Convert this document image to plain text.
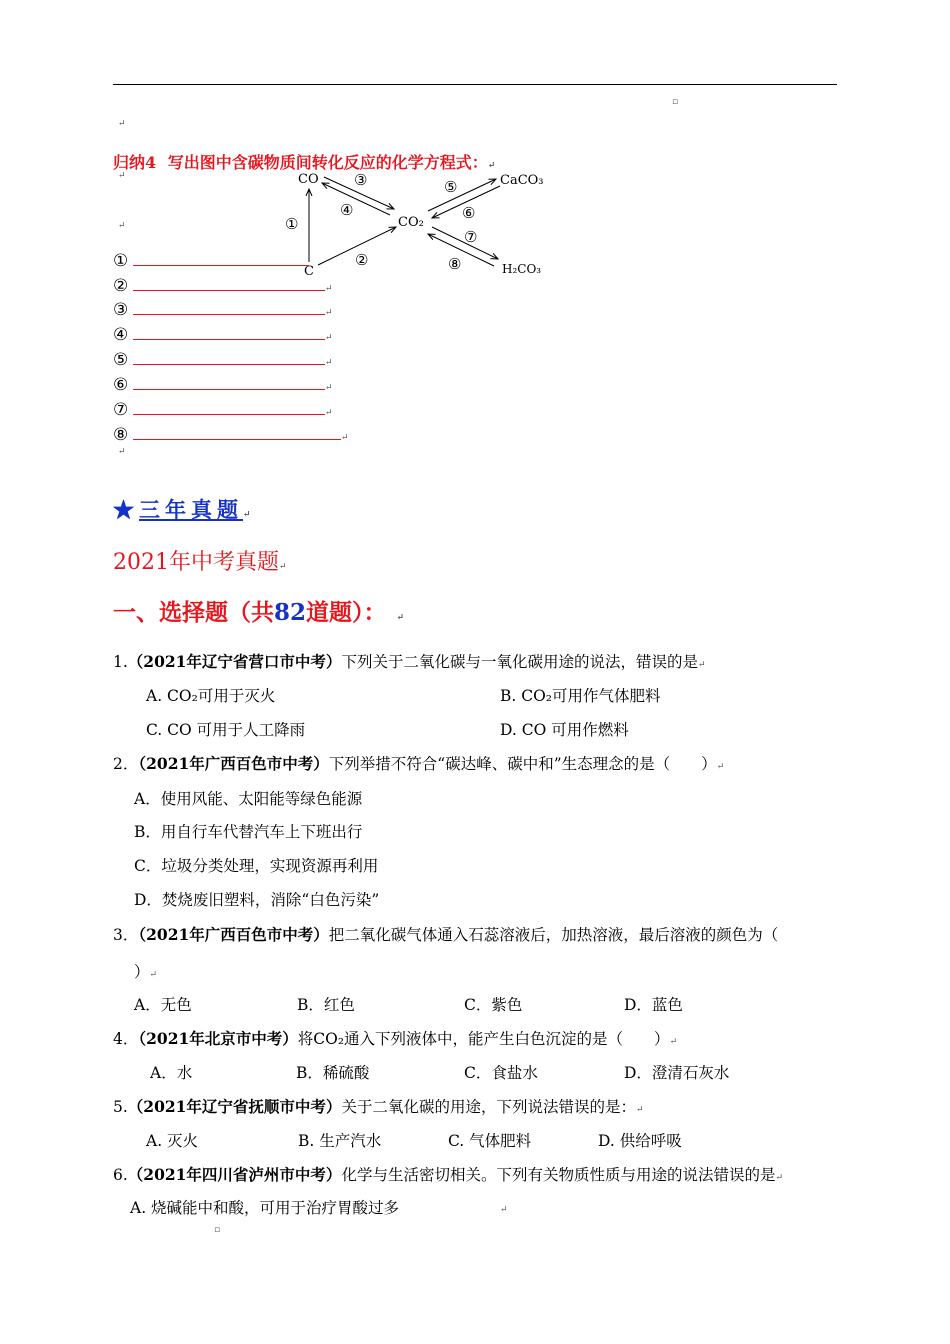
▫
↵
归纳4 写出图中含碳物质间转化反应的化学方程式：↵
↵
↵
CO
C
CO₂
CaCO₃
H₂CO₃
①
②
③
④
⑤
⑥
⑦
⑧
①
②	↵
③	↵
④	↵
⑤	↵
⑥	↵
⑦	↵
⑧	↵
↵
★三年真题↵
2021年中考真题↵
一、选择题（共82道题）： ↵
1.（2021年辽宁省营口市中考）下列关于二氧化碳与一氧化碳用途的说法，错误的是↵
A. CO₂可用于灭火	B. CO₂可用作气体肥料
C. CO 可用于人工降雨	D. CO 可用作燃料
2．（2021年广西百色市中考）下列举措不符合“碳达峰、碳中和”生态理念的是（　　）↵
A．使用风能、太阳能等绿色能源
B．用自行车代替汽车上下班出行
C．垃圾分类处理，实现资源再利用
D．焚烧废旧塑料，消除“白色污染”
3．（2021年广西百色市中考）把二氧化碳气体通入石蕊溶液后，加热溶液，最后溶液的颜色为（
）↵
A．无色	B．红色	C．紫色	D．蓝色
4．（2021年北京市中考）将CO₂通入下列液体中，能产生白色沉淀的是（　　）↵
A．水	B．稀硫酸	C．食盐水	D．澄清石灰水
5.（2021年辽宁省抚顺市中考）关于二氧化碳的用途，下列说法错误的是：↵
A. 灭火	B. 生产汽水	C. 气体肥料	D. 供给呼吸
6.（2021年四川省泸州市中考）化学与生活密切相关。下列有关物质性质与用途的说法错误的是↵
A. 烧碱能中和酸，可用于治疗胃酸过多	↵
▫
